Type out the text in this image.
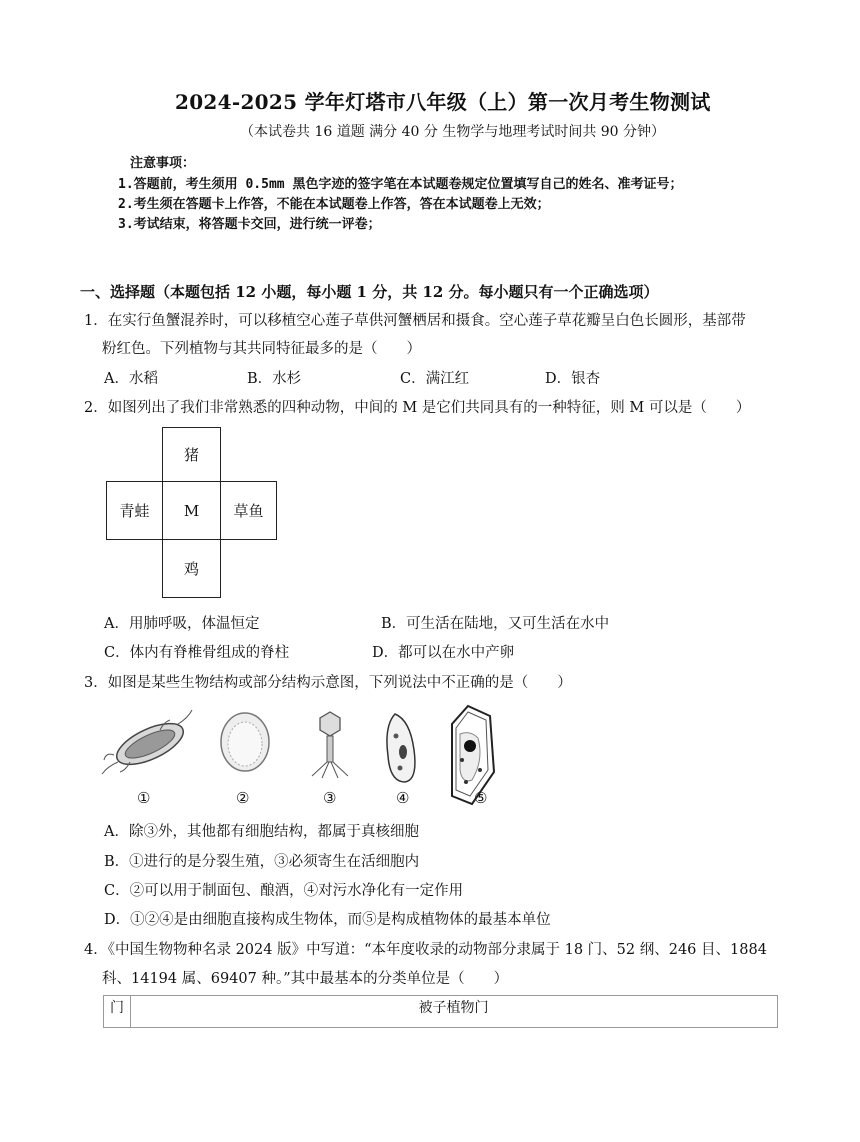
2024-2025 学年灯塔市八年级（上）第一次月考生物测试
（本试卷共 16 道题 满分 40 分 生物学与地理考试时间共 90 分钟）
注意事项：
1.答题前，考生须用 0.5mm 黑色字迹的签字笔在本试题卷规定位置填写自己的姓名、准考证号；
2.考生须在答题卡上作答，不能在本试题卷上作答，答在本试题卷上无效；
3.考试结束，将答题卡交回，进行统一评卷；
一、选择题（本题包括 12 小题，每小题 1 分，共 12 分。每小题只有一个正确选项）
1．在实行鱼蟹混养时，可以移植空心莲子草供河蟹栖居和摄食。空心莲子草花瓣呈白色长圆形，基部带
粉红色。下列植物与其共同特征最多的是（　　）
A．水稻	B．水杉	C．满江红	D．银杏
2．如图列出了我们非常熟悉的四种动物，中间的 M 是它们共同具有的一种特征，则 M 可以是（　　）
猪
青蛙	M	草鱼
鸡
A．用肺呼吸，体温恒定	B．可生活在陆地，又可生活在水中
C．体内有脊椎骨组成的脊柱	D．都可以在水中产卵
3．如图是某些生物结构或部分结构示意图，下列说法中不正确的是（　　）
①	②	③	④	⑤
A．除③外，其他都有细胞结构，都属于真核细胞
B．①进行的是分裂生殖，③必须寄生在活细胞内
C．②可以用于制面包、酿酒，④对污水净化有一定作用
D．①②④是由细胞直接构成生物体，而⑤是构成植物体的最基本单位
4．《中国生物物种名录 2024 版》中写道：“本年度收录的动物部分隶属于 18 门、52 纲、246 目、1884
科、14194 属、69407 种。”其中最基本的分类单位是（　　）
门	被子植物门
